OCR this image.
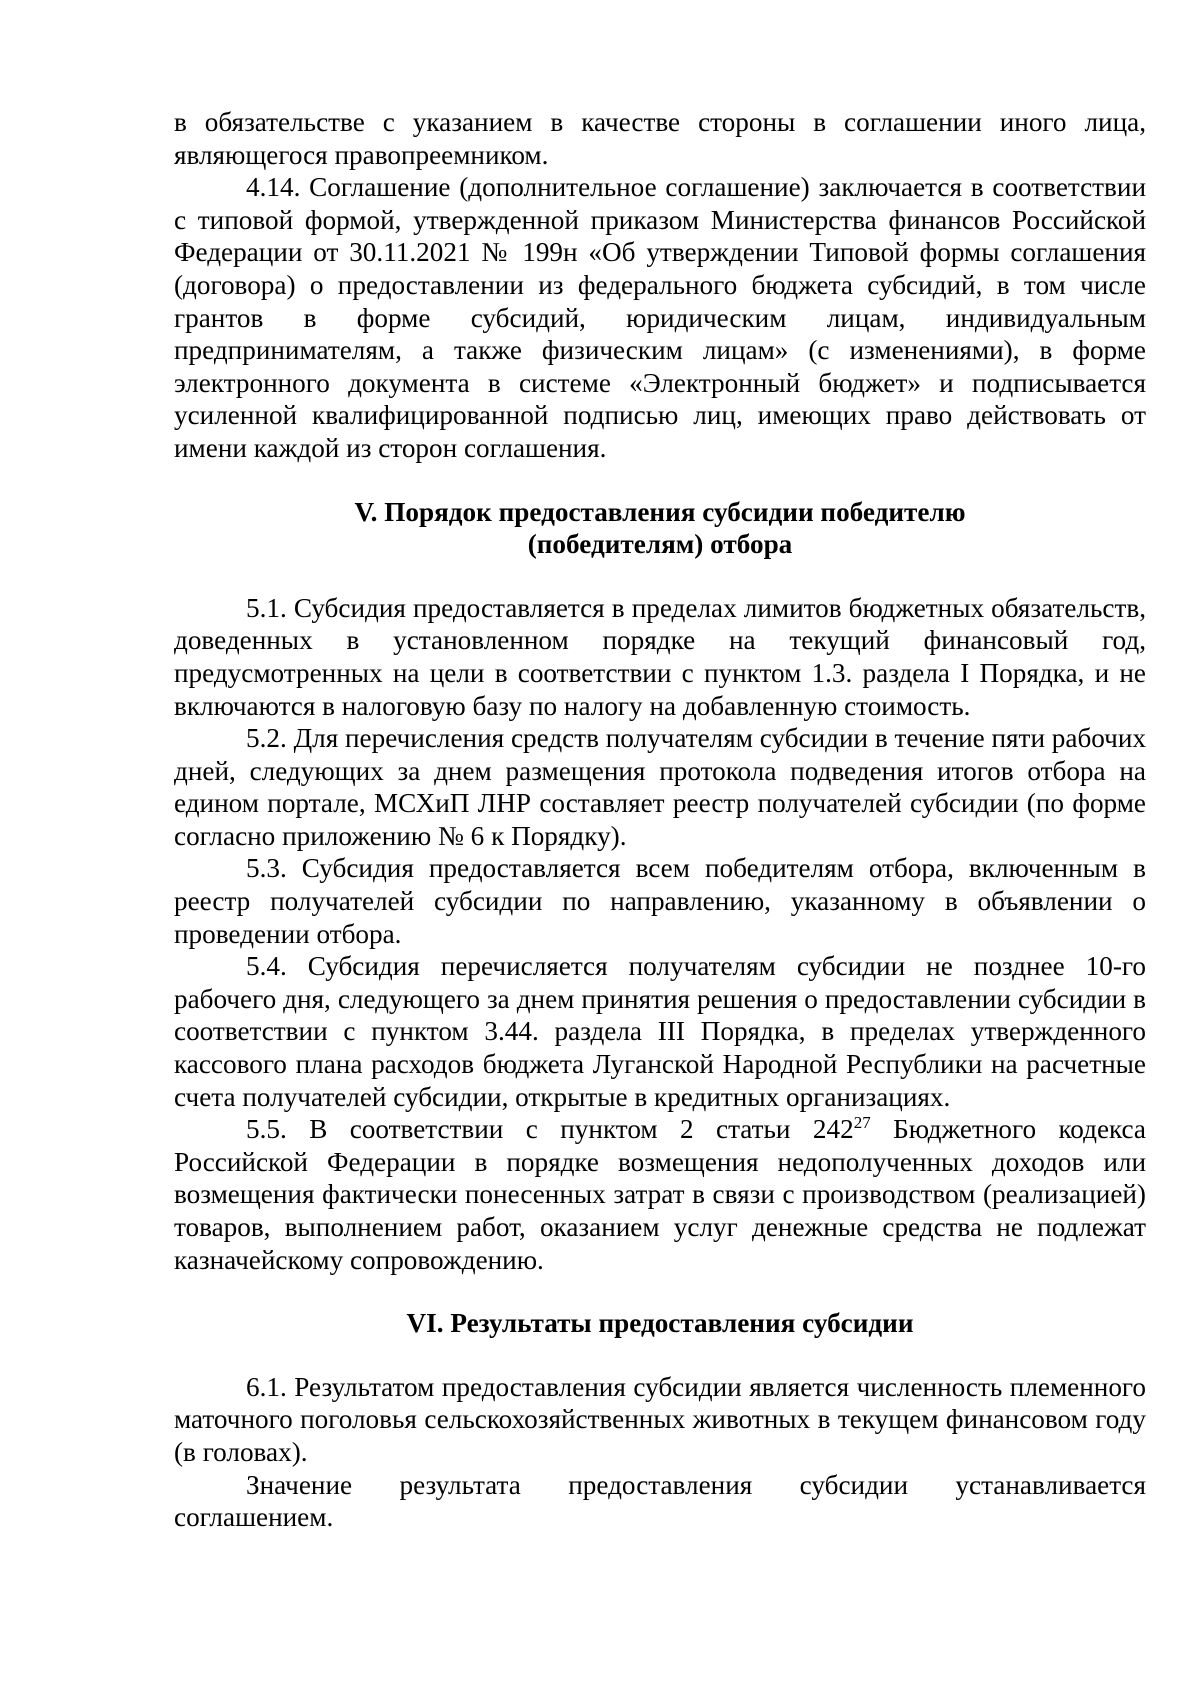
в обязательстве с указанием в качестве стороны в соглашении иного лица, являющегося правопреемником.

4.14. Соглашение (дополнительное соглашение) заключается в соответствии с типовой формой, утвержденной приказом Министерства финансов Российской Федерации от 30.11.2021 № 199н «Об утверждении Типовой формы соглашения (договора) о предоставлении из федерального бюджета субсидий, в том числе грантов в форме субсидий, юридическим лицам, индивидуальным предпринимателям, а также физическим лицам» (с изменениями), в форме электронного документа в системе «Электронный бюджет» и подписывается усиленной квалифицированной подписью лиц, имеющих право действовать от имени каждой из сторон соглашения.

V. Порядок предоставления субсидии победителю
(победителям) отбора

5.1. Субсидия предоставляется в пределах лимитов бюджетных обязательств, доведенных в установленном порядке на текущий финансовый год, предусмотренных на цели в соответствии с пунктом 1.3. раздела I Порядка, и не включаются в налоговую базу по налогу на добавленную стоимость.

5.2. Для перечисления средств получателям субсидии в течение пяти рабочих дней, следующих за днем размещения протокола подведения итогов отбора на едином портале, МСХиП ЛНР составляет реестр получателей субсидии (по форме согласно приложению № 6 к Порядку).

5.3. Субсидия предоставляется всем победителям отбора, включенным в реестр получателей субсидии по направлению, указанному в объявлении о проведении отбора.

5.4. Субсидия перечисляется получателям субсидии не позднее 10-го рабочего дня, следующего за днем принятия решения о предоставлении субсидии в соответствии с пунктом 3.44. раздела III Порядка, в пределах утвержденного кассового плана расходов бюджета Луганской Народной Республики на расчетные счета получателей субсидии, открытые в кредитных организациях.

5.5. В соответствии с пунктом 2 статьи $242^{27}$ Бюджетного кодекса Российской Федерации в порядке возмещения недополученных доходов или возмещения фактически понесенных затрат в связи с производством (реализацией) товаров, выполнением работ, оказанием услуг денежные средства не подлежат казначейскому сопровождению.

VI. Результаты предоставления субсидии

6.1. Результатом предоставления субсидии является численность племенного маточного поголовья сельскохозяйственных животных в текущем финансовом году (в головах).

Значение результата предоставления субсидии устанавливается соглашением.
